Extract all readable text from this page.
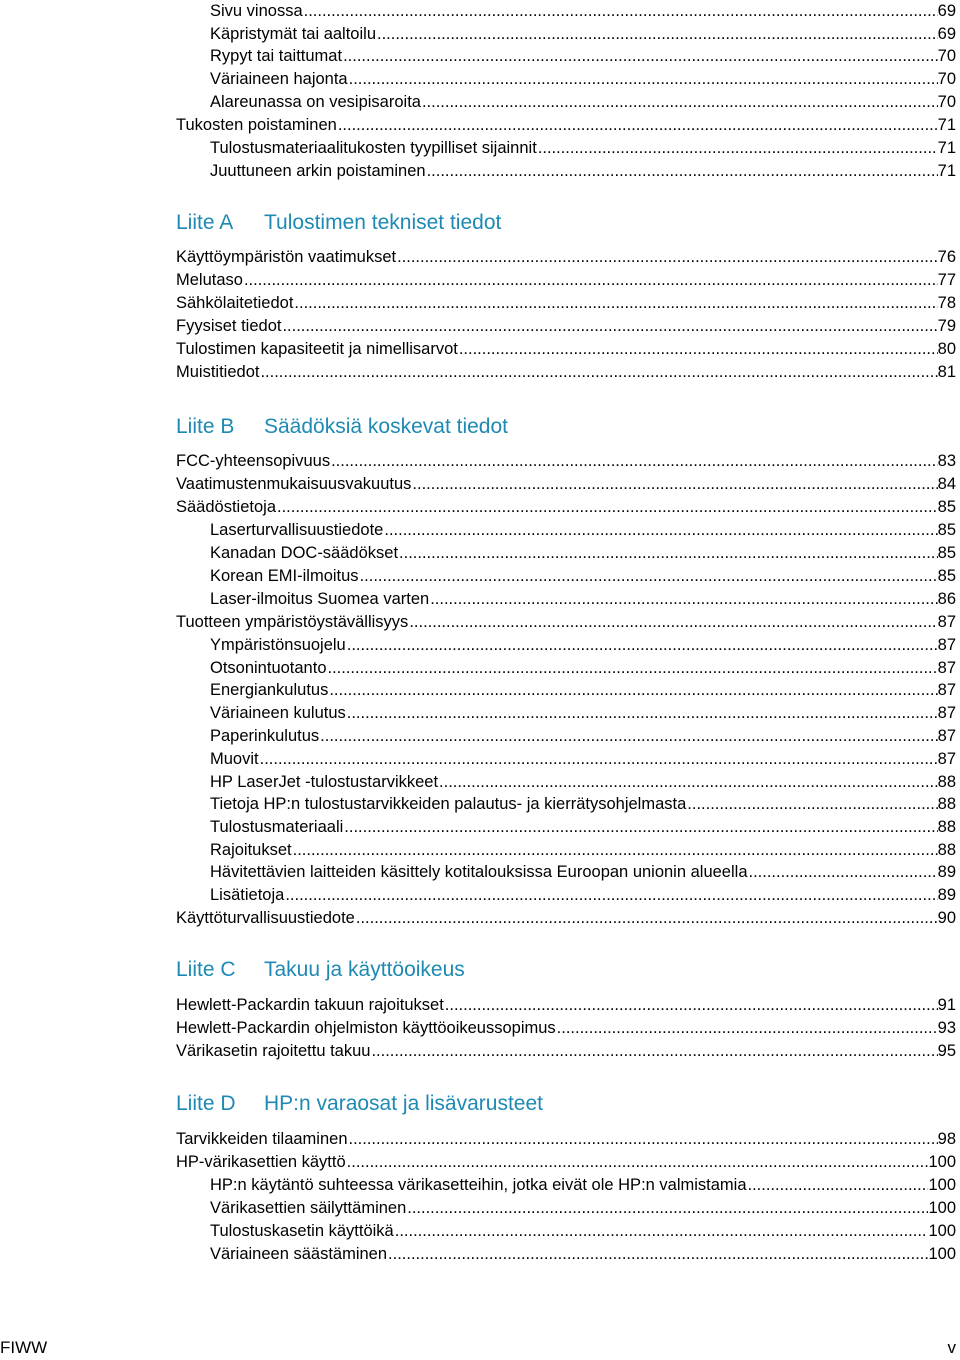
Sivu vinossa .....	69
Käpristymät tai aaltoilu .....	69
Rypyt tai taittumat .....	70
Väriaineen hajonta .....	70
Alareunassa on vesipisaroita .....	70
Tukosten poistaminen .....	71
Tulostusmateriaalitukosten tyypilliset sijainnit .....	71
Juuttuneen arkin poistaminen .....	71
Liite A Tulostimen tekniset tiedot
Käyttöympäristön vaatimukset .....	76
Melutaso .....	77
Sähkölaitetiedot .....	78
Fyysiset tiedot .....	79
Tulostimen kapasiteetit ja nimellisarvot .....	80
Muistitiedot .....	81
Liite B Säädöksiä koskevat tiedot
FCC-yhteensopivuus .....	83
Vaatimustenmukaisuusvakuutus .....	84
Säädöstietoja .....	85
Laserturvallisuustiedote .....	85
Kanadan DOC-säädökset .....	85
Korean EMI-ilmoitus .....	85
Laser-ilmoitus Suomea varten .....	86
Tuotteen ympäristöystävällisyys .....	87
Ympäristönsuojelu .....	87
Otsonintuotanto .....	87
Energiankulutus .....	87
Väriaineen kulutus .....	87
Paperinkulutus .....	87
Muovit .....	87
HP LaserJet -tulostustarvikkeet .....	88
Tietoja HP:n tulostustarvikkeiden palautus- ja kierrätysohjelmasta .....	88
Tulostusmateriaali .....	88
Rajoitukset .....	88
Hävitettävien laitteiden käsittely kotitalouksissa Euroopan unionin alueella .....	89
Lisätietoja .....	89
Käyttöturvallisuustiedote .....	90
Liite C Takuu ja käyttöoikeus
Hewlett-Packardin takuun rajoitukset .....	91
Hewlett-Packardin ohjelmiston käyttöoikeussopimus .....	93
Värikasetin rajoitettu takuu .....	95
Liite D HP:n varaosat ja lisävarusteet
Tarvikkeiden tilaaminen .....	98
HP-värikasettien käyttö .....	100
HP:n käytäntö suhteessa värikasetteihin, jotka eivät ole HP:n valmistamia .....	100
Värikasettien säilyttäminen .....	100
Tulostuskasetin käyttöikä .....	100
Väriaineen säästäminen .....	100
FIWW	v
